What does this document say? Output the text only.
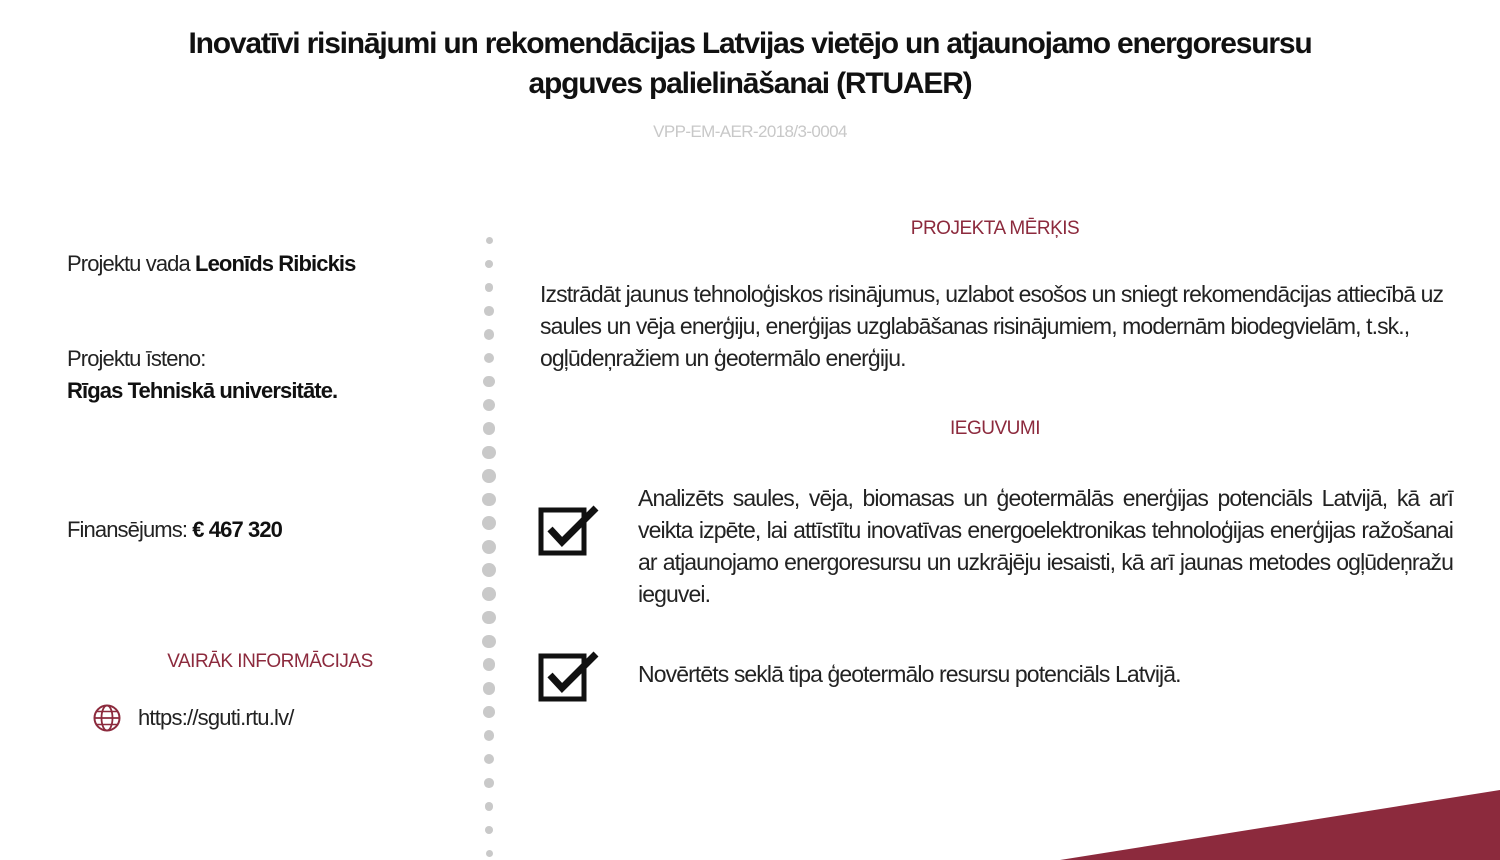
Inovatīvi risinājumi un rekomendācijas Latvijas vietējo un atjaunojamo energoresursu
apguves palielināšanai (RTUAER)
VPP-EM-AER-2018/3-0004
Projektu vada Leonīds Ribickis
Projektu īsteno:
Rīgas Tehniskā universitāte.
Finansējums: € 467 320
VAIRĀK INFORMĀCIJAS
https://sguti.rtu.lv/
PROJEKTA MĒRĶIS
Izstrādāt jaunus tehnoloģiskos risinājumus, uzlabot esošos un sniegt rekomendācijas attiecībā uz saules un vēja enerģiju, enerģijas uzglabāšanas risinājumiem, modernām biodegvielām, t.sk., ogļūdeņražiem un ģeotermālo enerģiju.
IEGUVUMI
Analizēts saules, vēja, biomasas un ģeotermālās enerģijas potenciāls Latvijā, kā arī veikta izpēte, lai attīstītu inovatīvas energoelektronikas tehnoloģijas enerģijas ražošanai ar atjaunojamo energoresursu un uzkrājēju iesaisti, kā arī jaunas metodes ogļūdeņražu ieguvei.
Novērtēts seklā tipa ģeotermālo resursu potenciāls Latvijā.
